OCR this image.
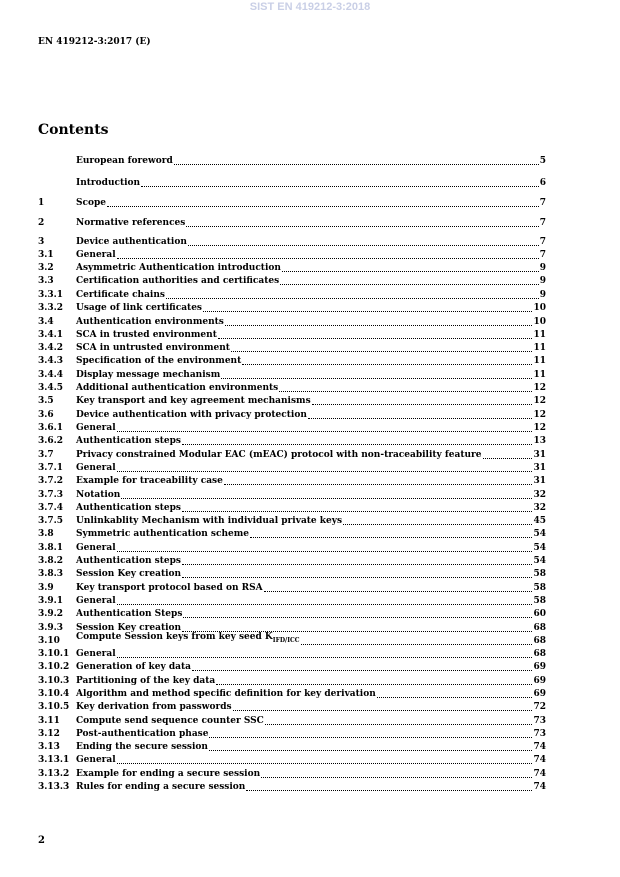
SIST EN 419212-3:2018
EN 419212-3:2017 (E)
Contents
European foreword	5
Introduction	6
1	Scope	7
2	Normative references	7
3	Device authentication	7
3.1	General	7
3.2	Asymmetric Authentication introduction	9
3.3	Certification authorities and certificates	9
3.3.1	Certificate chains	9
3.3.2	Usage of link certificates	10
3.4	Authentication environments	10
3.4.1	SCA in trusted environment	11
3.4.2	SCA in untrusted environment	11
3.4.3	Specification of the environment	11
3.4.4	Display message mechanism	11
3.4.5	Additional authentication environments	12
3.5	Key transport and key agreement mechanisms	12
3.6	Device authentication with privacy protection	12
3.6.1	General	12
3.6.2	Authentication steps	13
3.7	Privacy constrained Modular EAC (mEAC) protocol with non-traceability feature	31
3.7.1	General	31
3.7.2	Example for traceability case	31
3.7.3	Notation	32
3.7.4	Authentication steps	32
3.7.5	Unlinkablity Mechanism with individual private keys	45
3.8	Symmetric authentication scheme	54
3.8.1	General	54
3.8.2	Authentication steps	54
3.8.3	Session Key creation	58
3.9	Key transport protocol based on RSA	58
3.9.1	General	58
3.9.2	Authentication Steps	60
3.9.3	Session Key creation	68
3.10	Compute Session keys from key seed $K_{IFD/ICC}$	68
3.10.1 General	68
3.10.2 Generation of key data	69
3.10.3 Partitioning of the key data	69
3.10.4 Algorithm and method specific definition for key derivation	69
3.10.5 Key derivation from passwords	72
3.11	Compute send sequence counter SSC	73
3.12	Post-authentication phase	73
3.13	Ending the secure session	74
3.13.1 General	74
3.13.2 Example for ending a secure session	74
3.13.3 Rules for ending a secure session	74
2
